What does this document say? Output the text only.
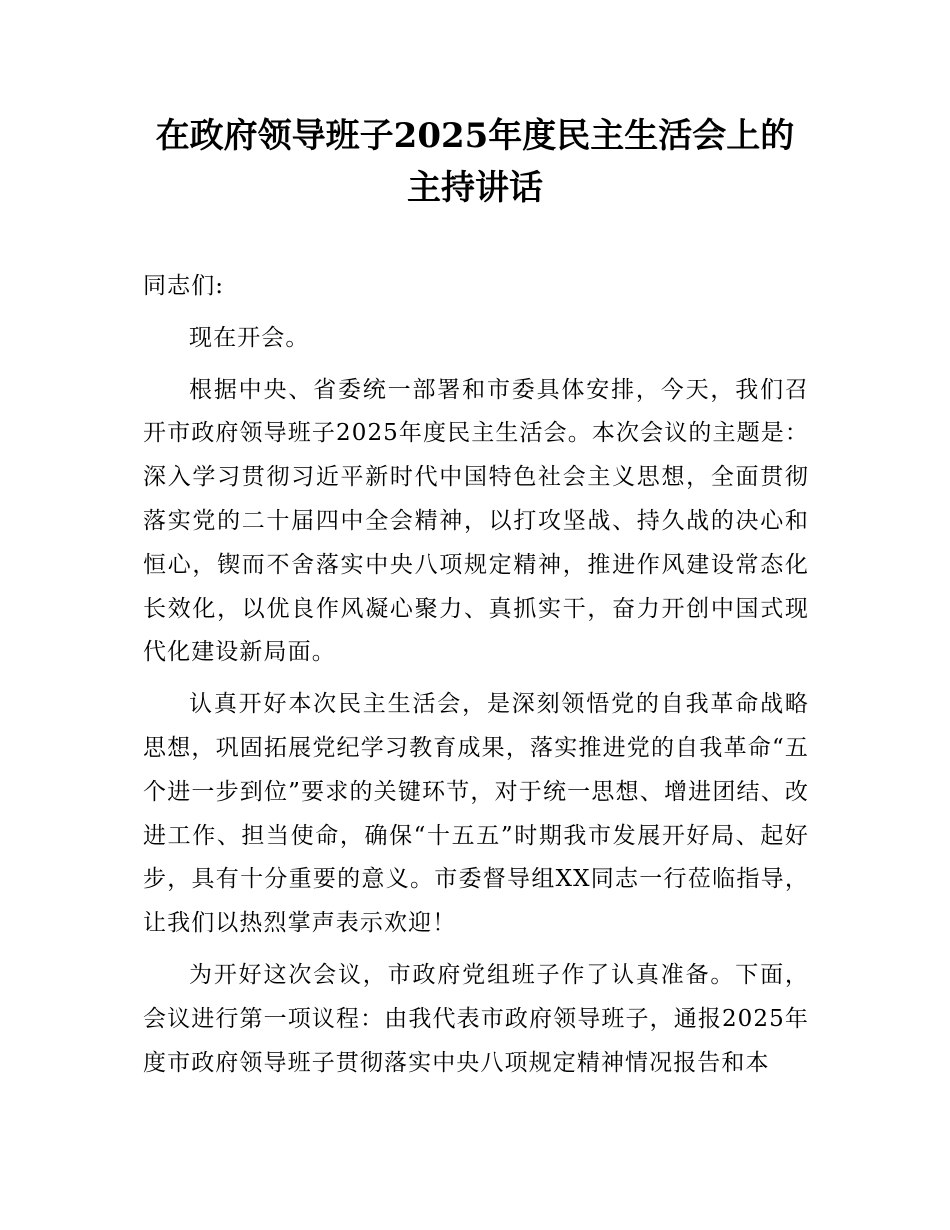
在政府领导班子2025年度民主生活会上的主持讲话

同志们:

现在开会。

根据中央、省委统一部署和市委具体安排，今天，我们召开市政府领导班子2025年度民主生活会。本次会议的主题是：深入学习贯彻习近平新时代中国特色社会主义思想，全面贯彻落实党的二十届四中全会精神，以打攻坚战、持久战的决心和恒心，锲而不舍落实中央八项规定精神，推进作风建设常态化长效化，以优良作风凝心聚力、真抓实干，奋力开创中国式现代化建设新局面。

认真开好本次民主生活会，是深刻领悟党的自我革命战略思想，巩固拓展党纪学习教育成果，落实推进党的自我革命“五个进一步到位”要求的关键环节，对于统一思想、增进团结、改进工作、担当使命，确保“十五五”时期我市发展开好局、起好步，具有十分重要的意义。市委督导组XX同志一行莅临指导，让我们以热烈掌声表示欢迎！

为开好这次会议，市政府党组班子作了认真准备。下面，会议进行第一项议程：由我代表市政府领导班子，通报2025年度市政府领导班子贯彻落实中央八项规定精神情况报告和本
